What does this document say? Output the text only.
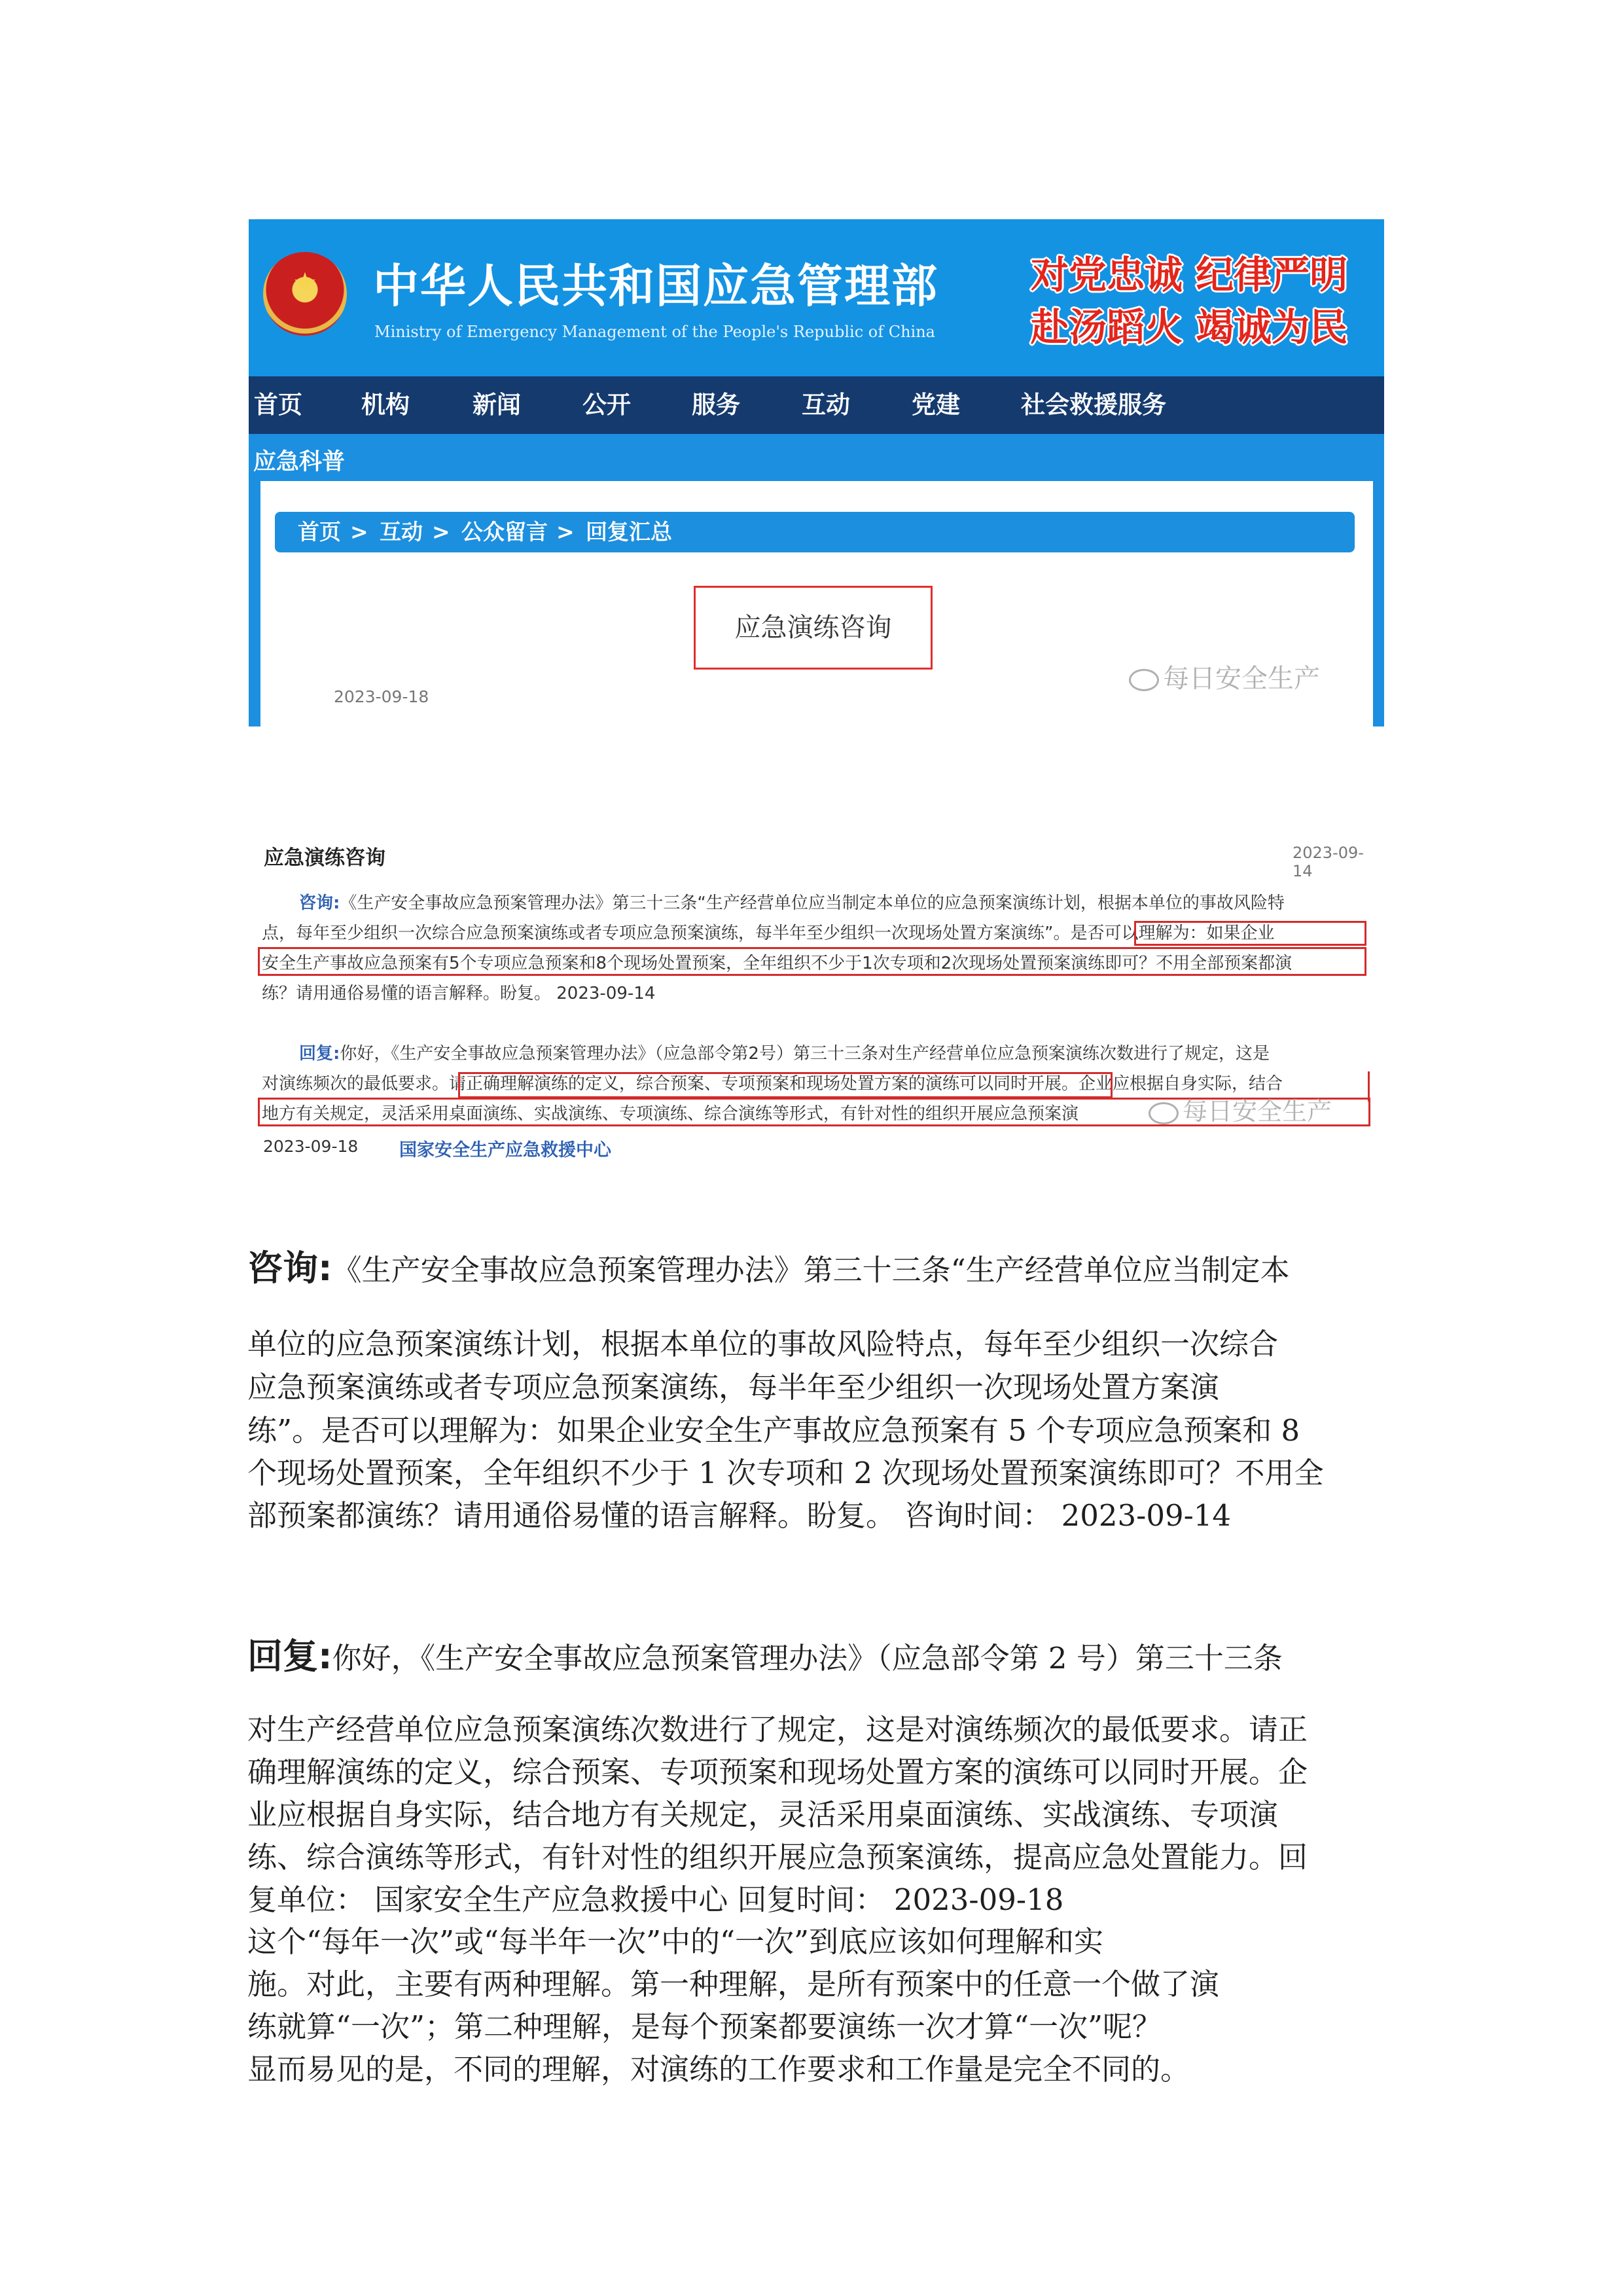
★	中华人民共和国应急管理部
Ministry of Emergency Management of the People's Republic of China
对党忠诚 纪律严明
赴汤蹈火 竭诚为民
首页 机构	新闻	公开	服务	互动	党建	社会救援服务
应急科普
首页 > 互动 > 公众留言 > 回复汇总
应急演练咨询
2023-09-18
每日安全生产
应急演练咨询	2023-09-14
咨询:《生产安全事故应急预案管理办法》第三十三条“生产经营单位应当制定本单位的应急预案演练计划，根据本单位的事故风险特
点，每年至少组织一次综合应急预案演练或者专项应急预案演练，每半年至少组织一次现场处置方案演练”。是否可以理解为：如果企业
安全生产事故应急预案有5个专项应急预案和8个现场处置预案，全年组织不少于1次专项和2次现场处置预案演练即可？不用全部预案都演
练？请用通俗易懂的语言解释。盼复。 2023-09-14
回复:你好，《生产安全事故应急预案管理办法》（应急部令第2号）第三十三条对生产经营单位应急预案演练次数进行了规定，这是
对演练频次的最低要求。请正确理解演练的定义，综合预案、专项预案和现场处置方案的演练可以同时开展。企业应根据自身实际，结合
地方有关规定，灵活采用桌面演练、实战演练、专项演练、综合演练等形式，有针对性的组织开展应急预案演
2023-09-18 国家安全生产应急救援中心
每日安全生产
咨询:《生产安全事故应急预案管理办法》第三十三条“生产经营单位应当制定本
单位的应急预案演练计划，根据本单位的事故风险特点，每年至少组织一次综合
应急预案演练或者专项应急预案演练，每半年至少组织一次现场处置方案演
练”。是否可以理解为：如果企业安全生产事故应急预案有 5 个专项应急预案和 8
个现场处置预案，全年组织不少于 1 次专项和 2 次现场处置预案演练即可？不用全
部预案都演练？请用通俗易懂的语言解释。盼复。 咨询时间： 2023-09-14
回复:你好，《生产安全事故应急预案管理办法》（应急部令第 2 号）第三十三条
对生产经营单位应急预案演练次数进行了规定，这是对演练频次的最低要求。请正
确理解演练的定义，综合预案、专项预案和现场处置方案的演练可以同时开展。企
业应根据自身实际，结合地方有关规定，灵活采用桌面演练、实战演练、专项演
练、综合演练等形式，有针对性的组织开展应急预案演练，提高应急处置能力。回
复单位： 国家安全生产应急救援中心 回复时间： 2023-09-18
这个“每年一次”或“每半年一次”中的“一次”到底应该如何理解和实
施。对此，主要有两种理解。第一种理解，是所有预案中的任意一个做了演
练就算“一次”；第二种理解，是每个预案都要演练一次才算“一次”呢？
显而易见的是，不同的理解，对演练的工作要求和工作量是完全不同的。
